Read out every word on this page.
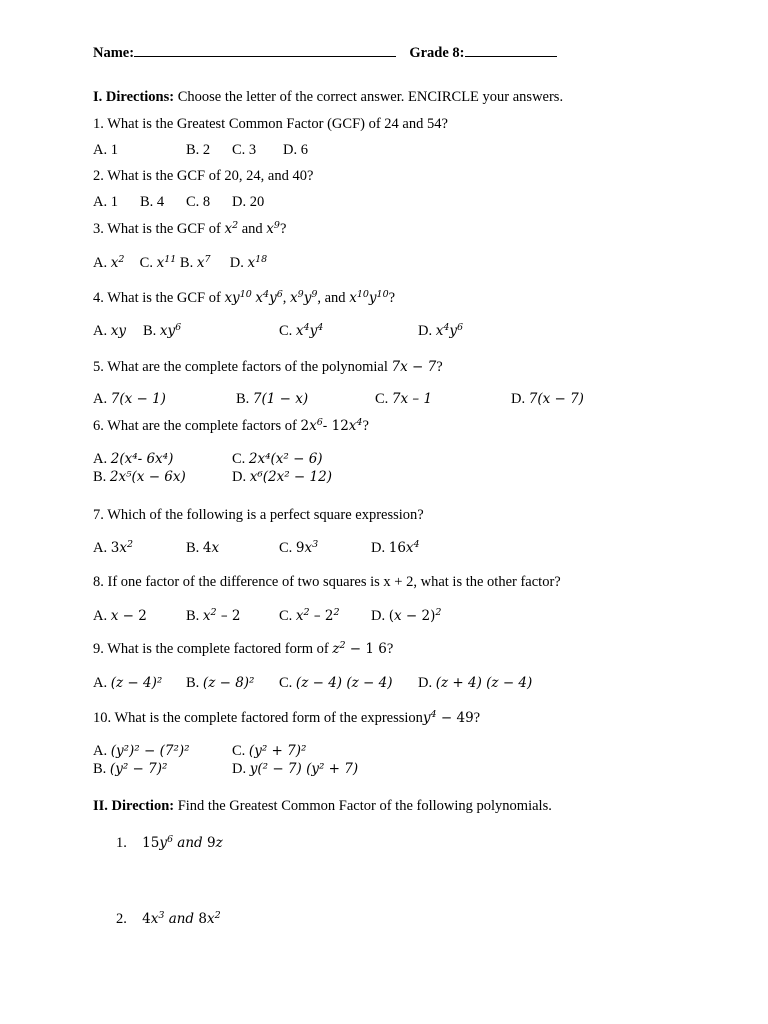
Name:	Grade 8:
I. Directions: Choose the letter of the correct answer. ENCIRCLE your answers.
1. What is the Greatest Common Factor (GCF) of 24 and 54?
A. 1	B. 2 C. 3 D. 6
2. What is the GCF of 20, 24, and 40?
A. 1 B. 4 C. 8 D. 20
3. What is the GCF of $x^2$ and $x^9$?
A. $x^2$ C. $x^{11}$ B. $x^7$ D. $x^{18}$
4. What is the GCF of $xy^{10}$ $x^4y^6$, $x^9y^9$, and $x^{10}y^{10}$?
A. xy B. $xy^6$	C. $x^4y^4$	D. $x^4y^6$
5. What are the complete factors of the polynomial 7x − 7?
A. 7(x − 1)	B. 7(1 − x)	C. 7x – 1	D. 7(x − 7)
6. What are the complete factors of $2x^6-$ $12x^4$?
A. 2(x⁴- 6x⁴)
B. 2x⁵(x − 6x)
C. 2x⁴(x² − 6)
D. x⁶(2x² − 12)
7. Which of the following is a perfect square expression?
A. $3x^2$	B. 4x	C. $9x^3$	D. $16x^4$
8. If one factor of the difference of two squares is x + 2, what is the other factor?
A. x − 2	B. $x^2 - 2$	C. $x^2 - 2^2$ D. $(x - 2)^2$
9. What is the complete factored form of $z^2 - 1$ 6?
A. (z − 4)² B. (z − 8)² C. (z − 4) (z − 4) D. (z + 4) (z − 4)
10. What is the complete factored form of the expressiony$^4$ − 49?
A. (y²)² − (7²)²
B. (y² − 7)²
C. (y² + 7)²
D. y(² − 7) (y² + 7)
II. Direction: Find the Greatest Common Factor of the following polynomials.
1. $15y^6$ and 9z
2. $4x^3$ and $8x^2$
